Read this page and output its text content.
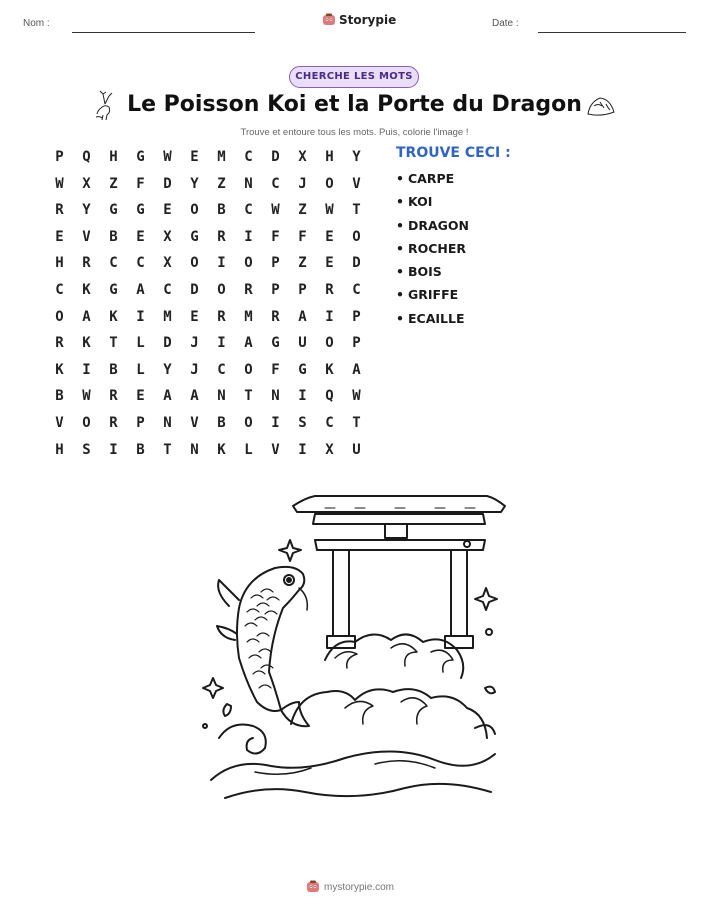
Nom :	Storypie	Date :
CHERCHE LES MOTS
Le Poisson Koi et la Porte du Dragon
Trouve et entoure tous les mots. Puis, colorie l'image !
P	Q	H	G	W	E	M	C	D	X	H	Y
W	X	Z	F	D	Y	Z	N	C	J	O	V
R	Y	G	G	E	O	B	C	W	Z	W	T
E	V	B	E	X	G	R	I	F	F	E	O
H	R	C	C	X	O	I	O	P	Z	E	D
C	K	G	A	C	D	O	R	P	P	R	C
O	A	K	I	M	E	R	M	R	A	I	P
R	K	T	L	D	J	I	A	G	U	O	P
K	I	B	L	Y	J	C	O	F	G	K	A
B	W	R	E	A	A	N	T	N	I	Q	W
V	O	R	P	N	V	B	O	I	S	C	T
H	S	I	B	T	N	K	L	V	I	X	U
TROUVE CECI :
• CARPE
• KOI
• DRAGON
• ROCHER
• BOIS
• GRIFFE
• ECAILLE
mystorypie.com
